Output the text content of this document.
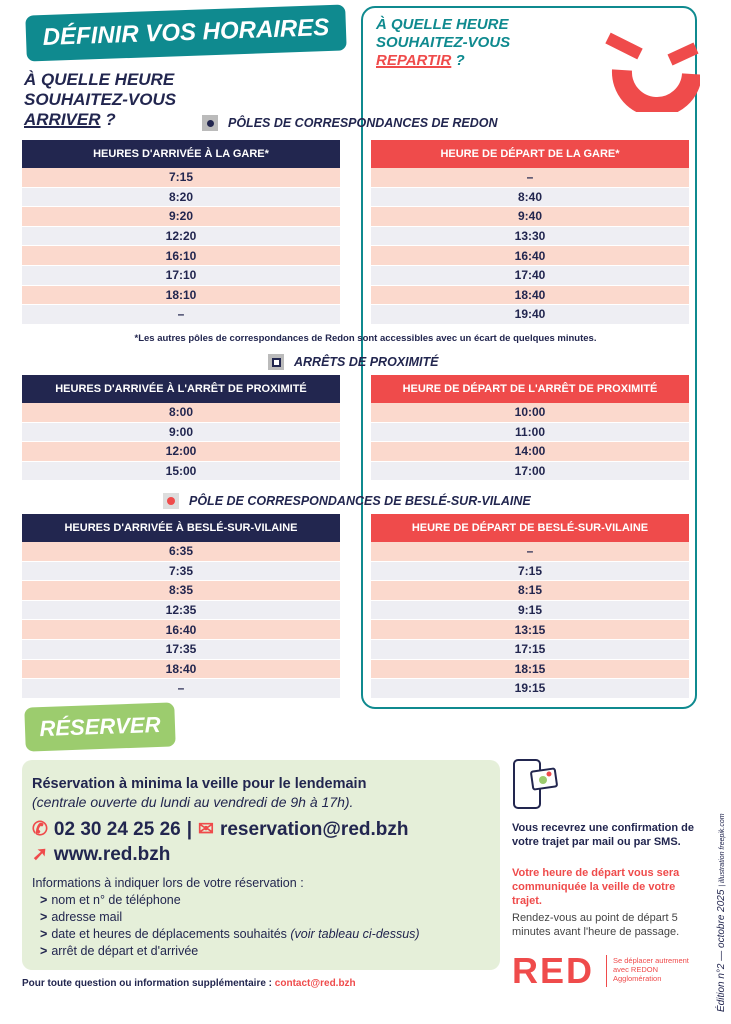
DÉFINIR VOS HORAIRES
À QUELLE HEURE
SOUHAITEZ-VOUS
ARRIVER ?
À QUELLE HEURE
SOUHAITEZ-VOUS
REPARTIR ?
PÔLES DE CORRESPONDANCES DE REDON
HEURES D'ARRIVÉE À LA GARE*
7:15
8:20
9:20
12:20
16:10
17:10
18:10
–
HEURE DE DÉPART DE LA GARE*
–
8:40
9:40
13:30
16:40
17:40
18:40
19:40
*Les autres pôles de correspondances de Redon sont accessibles avec un écart de quelques minutes.
ARRÊTS DE PROXIMITÉ
HEURES D'ARRIVÉE À L'ARRÊT DE PROXIMITÉ
8:00
9:00
12:00
15:00
HEURE DE DÉPART DE L'ARRÊT DE PROXIMITÉ
10:00
11:00
14:00
17:00
PÔLE DE CORRESPONDANCES DE BESLÉ-SUR-VILAINE
HEURES D'ARRIVÉE À BESLÉ-SUR-VILAINE
6:35
7:35
8:35
12:35
16:40
17:35
18:40
–
HEURE DE DÉPART DE BESLÉ-SUR-VILAINE
–
7:15
8:15
9:15
13:15
17:15
18:15
19:15
RÉSERVER
Réservation à minima la veille pour le lendemain
(centrale ouverte du lundi au vendredi de 9h à 17h).
✆ 02 30 24 25 26 | ✉ reservation@red.bzh
➚ www.red.bzh
Informations à indiquer lors de votre réservation :
> nom et n° de téléphone
> adresse mail
> date et heures de déplacements souhaités (voir tableau ci-dessus)
> arrêt de départ et d'arrivée
Pour toute question ou information supplémentaire : contact@red.bzh
Vous recevrez une confirmation de votre trajet par mail ou par SMS.
Votre heure de départ vous sera communiquée la veille de votre trajet.
Rendez-vous au point de départ 5 minutes avant l'heure de passage.
RED	Se déplacer autrement avec REDON Agglomération	Édition n°2 — octobre 2025 | illustration freepik.com
